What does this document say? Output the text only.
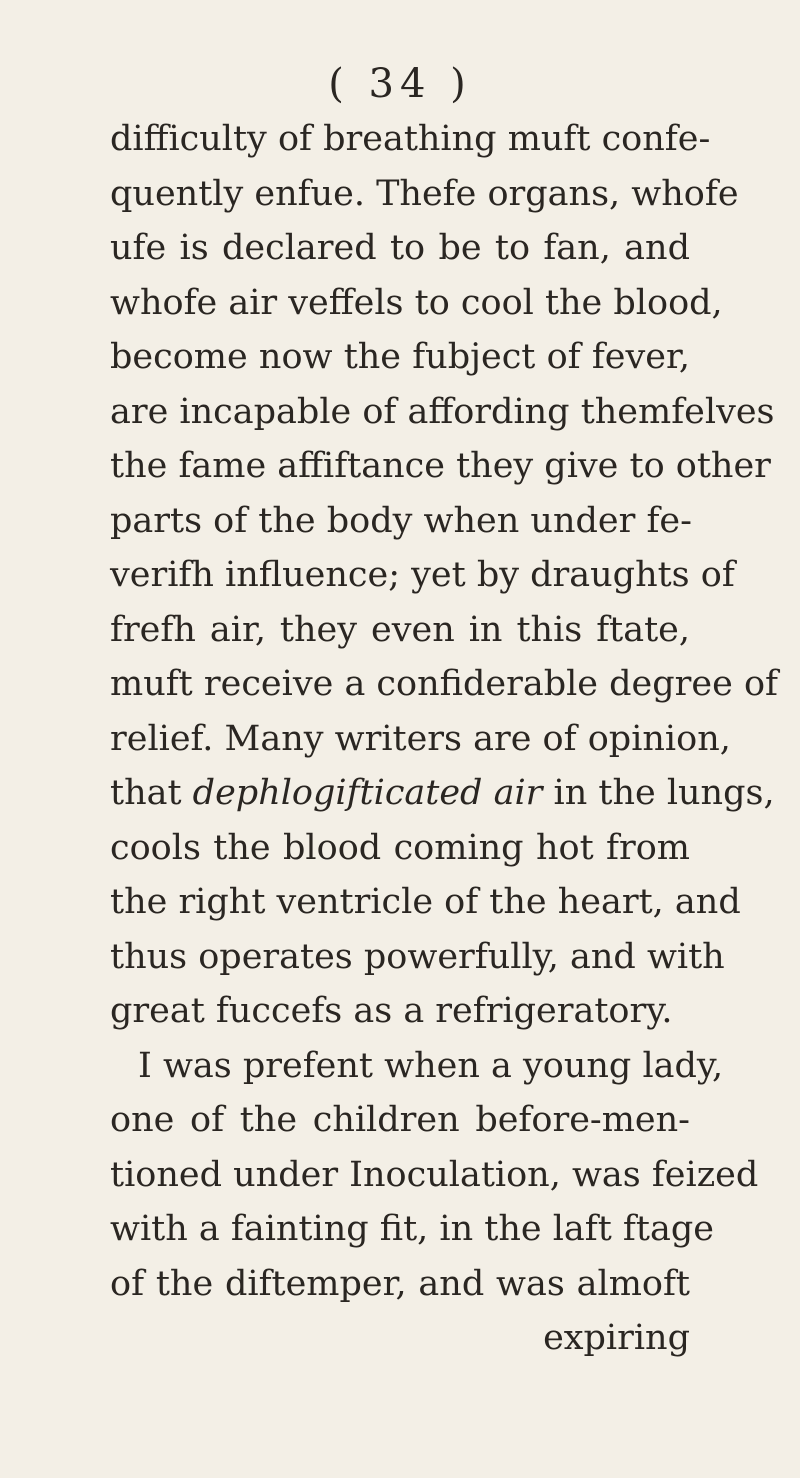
( 34 )
difficulty of breathing muft confe-
quently enfue. Thefe organs, whofe
ufe is declared to be to fan, and
whofe air veffels to cool the blood,
become now the fubject of fever,
are incapable of affording themfelves
the fame affiftance they give to other
parts of the body when under fe-
verifh influence; yet by draughts of
frefh air, they even in this ftate,
muft receive a confiderable degree of
relief. Many writers are of opinion,
that dephlogifticated air in the lungs,
cools the blood coming hot from
the right ventricle of the heart, and
thus operates powerfully, and with
great fuccefs as a refrigeratory.
I was prefent when a young lady,
one of the children before-men-
tioned under Inoculation, was feized
with a fainting fit, in the laft ftage
of the diftemper, and was almoft
expiring
